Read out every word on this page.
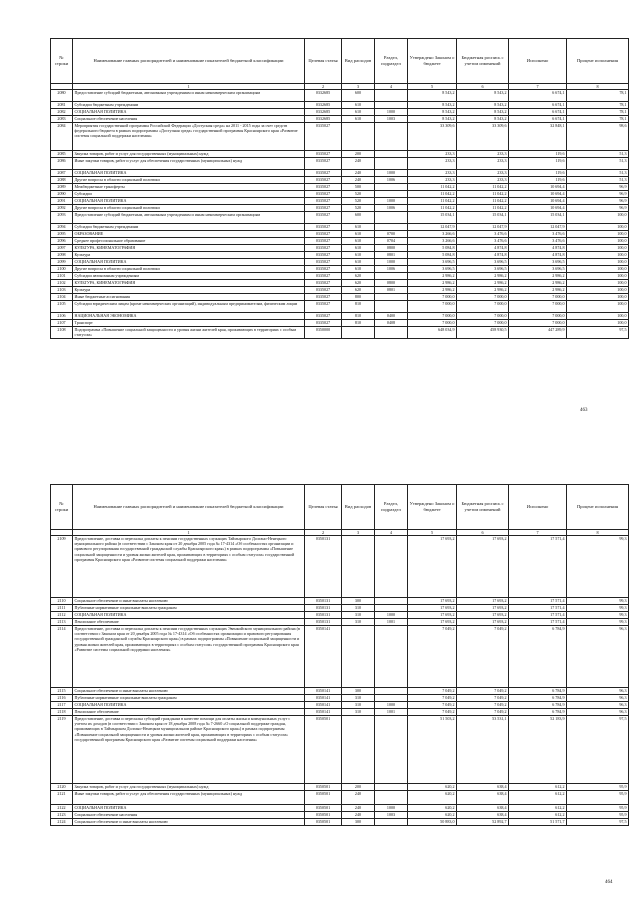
№ строки	Наименование главных распорядителей и наименование показателей бюджетной классификации	Целевая статья	Вид расходов	Раздел, подраздел	Утверждено Законом о бюджете	Бюджетная роспись с учетом изменений	Исполнено	Процент исполнения
	1	2	3	4	5	6	7	8
2080	Предоставление субсидий бюджетным, автономным учреждениям и иным некоммерческим организациям	0332685	600		8 543,2	8 543,2	6 674,1	78,1
2081	Субсидии бюджетным учреждениям	0332685	610		8 543,2	8 543,2	6 674,1	78,1
2082	СОЦИАЛЬНАЯ ПОЛИТИКА	0332685	610	1000	8 543,2	8 543,2	6 674,1	78,1
2083	Социальное обеспечение населения	0332685	610	1003	8 543,2	8 543,2	6 674,1	78,1
2084	Мероприятия государственной программы Российской Федерации «Доступная среда» на 2011 - 2015 годы за счет средств федерального бюджета в рамках подпрограммы «Доступная среда» государственной программы Красноярского края «Развитие системы социальной поддержки населения»	0335027			33 309,6	33 309,6	32 848,1	98,6
2085	Закупка товаров, работ и услуг для государственных (муниципальных) нужд	0335027	200		233,3	233,3	119,6	51,3
2086	Иные закупки товаров, работ и услуг для обеспечения государственных (муниципальных) нужд	0335027	240		233,3	233,3	119,6	51,3
2087	СОЦИАЛЬНАЯ ПОЛИТИКА	0335027	240	1000	233,3	233,3	119,6	51,3
2088	Другие вопросы в области социальной политики	0335027	240	1006	233,3	233,3	119,6	51,3
2089	Межбюджетные трансферты	0335027	500		11 042,2	11 042,2	10 694,4	96,9
2090	Субсидии	0335027	520		11 042,2	11 042,2	10 694,4	96,9
2091	СОЦИАЛЬНАЯ ПОЛИТИКА	0335027	520	1000	11 042,2	11 042,2	10 694,4	96,9
2092	Другие вопросы в области социальной политики	0335027	520	1006	11 042,2	11 042,2	10 694,4	96,9
2093	Предоставление субсидий бюджетным, автономным учреждениям и иным некоммерческим организациям	0335027	600		15 034,1	15 034,1	15 034,1	100,0
2094	Субсидии бюджетным учреждениям	0335027	610		12 047,9	12 047,9	12 047,9	100,0
2095	ОБРАЗОВАНИЕ	0335027	610	0700	3 266,6	3 476,6	3 476,6	100,0
2096	Среднее профессиональное образование	0335027	610	0704	3 266,6	3 476,6	3 476,6	100,0
2097	КУЛЬТУРА, КИНЕМАТОГРАФИЯ	0335027	610	0800	5 084,8	4 874,8	4 874,8	100,0
2098	Культура	0335027	610	0801	5 084,8	4 874,8	4 874,8	100,0
2099	СОЦИАЛЬНАЯ ПОЛИТИКА	0335027	610	1000	3 696,5	3 696,5	3 696,5	100,0
2100	Другие вопросы в области социальной политики	0335027	610	1006	3 696,5	3 696,5	3 696,5	100,0
2101	Субсидии автономным учреждениям	0335027	620		2 986,2	2 986,2	2 986,2	100,0
2102	КУЛЬТУРА, КИНЕМАТОГРАФИЯ	0335027	620	0800	2 986,2	2 986,2	2 986,2	100,0
2103	Культура	0335027	620	0801	2 986,2	2 986,2	2 986,2	100,0
2104	Иные бюджетные ассигнования	0335027	800		7 000,0	7 000,0	7 000,0	100,0
2105	Субсидии юридическим лицам (кроме некоммерческих организаций), индивидуальным предпринимателям, физическим лицам	0335027	810		7 000,0	7 000,0	7 000,0	100,0
2106	НАЦИОНАЛЬНАЯ ЭКОНОМИКА	0335027	810	0400	7 000,0	7 000,0	7 000,0	100,0
2107	Транспорт	0335027	810	0408	7 000,0	7 000,0	7 000,0	100,0
2108	Подпрограмма «Повышение социальной защищенности и уровня жизни жителей края, проживающих в территориях с особым статусом»	0350000			648 034,9	458 930,5	447 289,9	97,5
463
№ строки	Наименование главных распорядителей и наименование показателей бюджетной классификации	Целевая статья	Вид расходов	Раздел, подраздел	Утверждено Законом о бюджете	Бюджетная роспись с учетом изменений	Исполнено	Процент исполнения
	1	2	3	4	5	6	7	8
2109	Предоставление, доставка и пересылка доплаты к пенсиям государственных служащих Таймырского Долгано-Ненецкого муниципального района (в соответствии с Законом края от 20 декабря 2005 года № 17-4314 «Об особенностях организации и правового регулирования государственной гражданской службы Красноярского края») в рамках подпрограммы «Повышение социальной защищенности и уровня жизни жителей края, проживающих в территориях с особым статусом» государственной программы Красноярского края «Развитие системы социальной поддержки населения»	0350131			17 693,2	17 693,2	17 571,4	99,3
2110	Социальное обеспечение и иные выплаты населению	0350131	300		17 693,2	17 693,2	17 571,4	99,3
2111	Публичные нормативные социальные выплаты гражданам	0350131	310		17 693,2	17 693,2	17 571,4	99,3
2112	СОЦИАЛЬНАЯ ПОЛИТИКА	0350131	310	1000	17 693,2	17 693,2	17 571,4	99,3
2113	Пенсионное обеспечение	0350131	310	1001	17 693,2	17 693,2	17 571,4	99,3
2114	Предоставление, доставка и пересылка доплаты к пенсиям государственных служащих Эвенкийского муниципального района (в соответствии с Законом края от 20 декабря 2005 года № 17-4314 «Об особенностях организации и правового регулирования государственной гражданской службы Красноярского края») в рамках подпрограммы «Повышение социальной защищенности и уровня жизни жителей края, проживающих в территориях с особым статусом» государственной программы Красноярского края «Развитие системы социальной поддержки населения»	0350141			7 049,2	7 049,2	6 784,9	96,3
2115	Социальное обеспечение и иные выплаты населению	0350141	300		7 049,2	7 049,2	6 784,9	96,3
2116	Публичные нормативные социальные выплаты гражданам	0350141	310		7 049,2	7 049,2	6 784,9	96,3
2117	СОЦИАЛЬНАЯ ПОЛИТИКА	0350141	310	1000	7 049,2	7 049,2	6 784,9	96,3
2118	Пенсионное обеспечение	0350141	310	1001	7 049,2	7 049,2	6 784,9	96,3
2119	Предоставление, доставка и пересылка субсидий гражданам в качестве помощи для оплаты жилья и коммунальных услуг с учетом их доходов (в соответствии с Законом края от 18 декабря 2008 года № 7-2660 «О социальной поддержке граждан, проживающих в Таймырском Долгано-Ненецком муниципальном районе Красноярского края») в рамках подпрограммы «Повышение социальной защищенности и уровня жизни жителей края, проживающих в территориях с особым статусом» государственной программы Красноярского края «Развитие системы социальной поддержки населения»	0350501			51 503,2	53 531,1	52 183,9	97,5
2120	Закупка товаров, работ и услуг для государственных (муниципальных) нужд	0350501	200		620,2	638,4	612,2	95,9
2121	Иные закупки товаров, работ и услуг для обеспечения государственных (муниципальных) нужд	0350501	240		620,2	638,4	612,2	95,9
2122	СОЦИАЛЬНАЯ ПОЛИТИКА	0350501	240	1000	620,2	638,4	612,2	95,9
2123	Социальное обеспечение населения	0350501	240	1003	620,2	638,4	612,2	95,9
2124	Социальное обеспечение и иные выплаты населению	0350501	300		50 883,0	52 892,7	51 571,7	97,5
464
